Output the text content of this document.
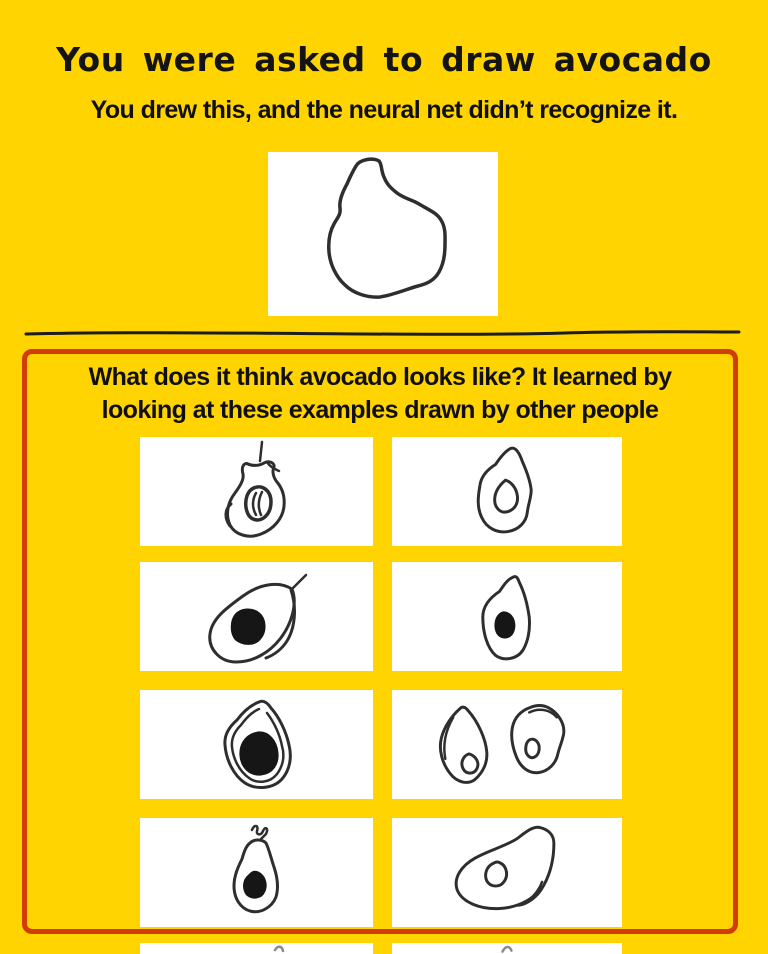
You were asked to draw avocado
You drew this, and the neural net didn’t recognize it.
What does it think avocado looks like? It learned by
looking at these examples drawn by other people
